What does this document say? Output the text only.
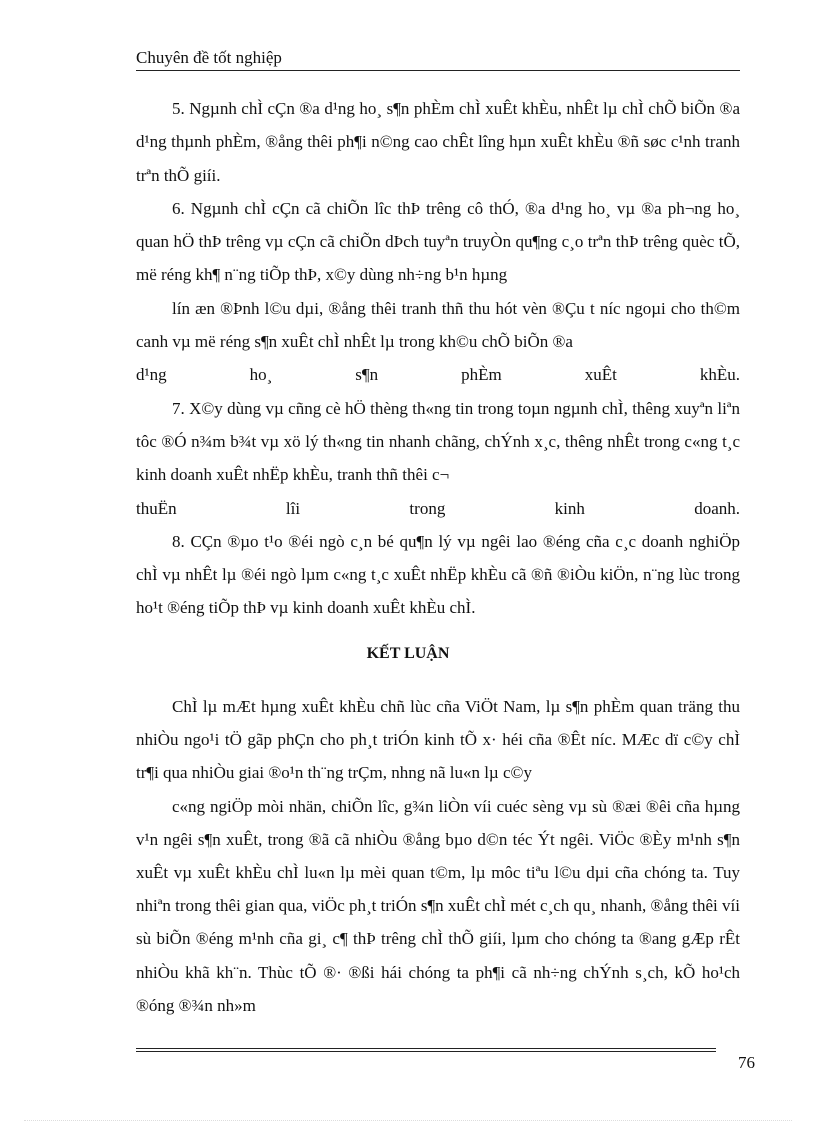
Chuyên đề tốt nghiệp

5. Ngµnh chÌ cÇn ®a d¹ng ho¸ s¶n phÈm chÌ xuÊt khÈu, nhÊt lµ chÌ chÕ biÕn ®a d¹ng thµnh phÈm, ®ång thêi ph¶i n©ng cao chÊt lîng hµn xuÊt khÈu ®ñ søc c¹nh tranh trªn thÕ giíi.

6. Ngµnh chÌ cÇn cã chiÕn lîc thÞ trêng cô thÓ, ®a d¹ng ho¸ vµ ®a ph¬ng ho¸ quan hÖ thÞ trêng vµ cÇn cã chiÕn dÞch tuyªn truyÒn qu¶ng c¸o trªn thÞ trêng quèc tÕ, më réng kh¶ n¨ng tiÕp thÞ, x©y dùng nh÷ng b¹n hµng

lín æn ®Þnh l©u dµi, ®ång thêi tranh thñ thu hót vèn ®Çu t níc ngoµi cho th©m canh vµ më réng s¶n xuÊt chÌ nhÊt lµ trong kh©u chÕ biÕn ®a

d¹ng ho¸ s¶n phÈm xuÊt khÈu.

7. X©y dùng vµ cñng cè hÖ thèng th«ng tin trong toµn ngµnh chÌ, thêng xuyªn liªn tôc ®Ó n¾m b¾t vµ xö lý th«ng tin nhanh chãng, chÝnh x¸c, thêng nhÊt trong c«ng t¸c kinh doanh xuÊt nhËp khÈu, tranh thñ thêi c¬

thuËn lîi trong kinh doanh.

8. CÇn ®µo t¹o ®éi ngò c¸n bé qu¶n lý vµ ngêi lao ®éng cña c¸c doanh nghiÖp chÌ vµ nhÊt lµ ®éi ngò lµm c«ng t¸c xuÊt nhËp khÈu cã ®ñ ®iÒu kiÖn, n¨ng lùc trong ho¹t ®éng tiÕp thÞ vµ kinh doanh xuÊt khÈu chÌ.

KẾT LUẬN

ChÌ lµ mÆt hµng xuÊt khÈu chñ lùc cña ViÖt Nam, lµ s¶n phÈm quan träng thu nhiÒu ngo¹i tÖ gãp phÇn cho ph¸t triÓn kinh tÕ x· héi cña ®Êt níc. MÆc dï c©y chÌ tr¶i qua nhiÒu giai ®o¹n th¨ng trÇm, nhng nã lu«n lµ c©y

c«ng ngiÖp mòi nhän, chiÕn lîc, g¾n liÒn víi cuéc sèng vµ sù ®æi ®êi cña hµng v¹n ngêi s¶n xuÊt, trong ®ã cã nhiÒu ®ång bµo d©n téc Ýt ngêi. ViÖc ®Èy m¹nh s¶n xuÊt vµ xuÊt khÈu chÌ lu«n lµ mèi quan t©m, lµ môc tiªu l©u dµi cña chóng ta. Tuy nhiªn trong thêi gian qua, viÖc ph¸t triÓn s¶n xuÊt chÌ mét c¸ch qu¸ nhanh, ®ång thêi víi sù biÕn ®éng m¹nh cña gi¸ c¶ thÞ trêng chÌ thÕ giíi, lµm cho chóng ta ®ang gÆp rÊt nhiÒu khã kh¨n. Thùc tÕ ®· ®ßi hái chóng ta ph¶i cã nh÷ng chÝnh s¸ch, kÕ ho¹ch ®óng ®¾n nh»m

76
